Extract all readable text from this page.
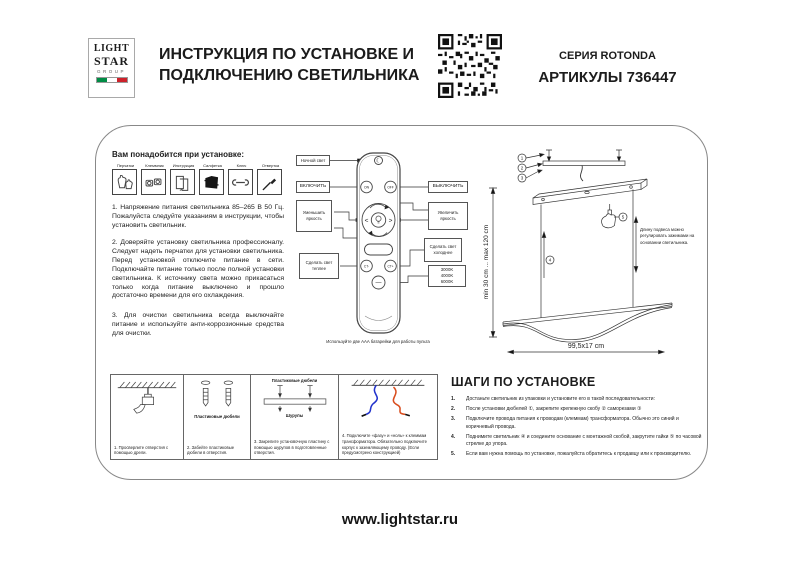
LIGHT
STAR
GROUP
ИНСТРУКЦИЯ ПО УСТАНОВКЕ И
ПОДКЛЮЧЕНИЮ СВЕТИЛЬНИКА
СЕРИЯ ROTONDA
АРТИКУЛЫ 736447
Вам понадобится при установке:
Перчатки	Клеммник	Инструкция	Салфетка	Ключ	Отвертка

1. Напряжение питания светильника 85–265 В 50 Гц. Пожалуйста следуйте указаниям в инструкции, чтобы установить светильник.

2. Доверяйте установку светильника профессионалу. Следует надеть перчатки для установки светильника. Перед установкой отключите питание в сети. Подключайте питание только после полной установки светильника. К источнику света можно прикасаться только когда питание выключено и прошло достаточно времени для его охлаждения.

3. Для очистки светильника всегда выключайте питание и используйте анти-коррозионные средства для очистки.

☾
ON	OFF
<	>
CT-	CT+
Ночной свет
ВКЛЮЧИТЬ
Уменьшить яркость
Сделать свет теплее
ВЫКЛЮЧИТЬ
Увеличить яркость
Сделать свет холоднее
3000K 4000K 6000K
Используйте две AAA батарейки для работы пульта
1
2
3
4
5
99,5x17 cm
min 30 cm ... max 120 cm	Длину подвеса можно регулировать зажимами на основании светильника.
1. Просверлите отверстия с помощью дрели.
Пластиковые дюбели
2. Забейте пластиковые дюбели в отверстия.
Пластиковые дюбели
Шурупы
3. Закрепите установочную пластину с помощью шурупов в подготовленные отверстия.
4. Подключите «фазу» и «ноль» к клеммам трансформатора. Обязательно подключите корпус к заземляющему проводу. (Если предусмотрено конструкцией)
ШАГИ ПО УСТАНОВКЕ
1.	Достаньте светильник из упаковки и установите его в такой последовательности:
2.	После установки дюбелей ①, закрепите крепежную скобу ② саморезами ③
3.	Подключите провода питания к проводам (клеммам) трансформатора. Обычно это синий и коричневый провода.
4.	Поднимите светильник ④ и соедините основание с монтажной скобой, закрутите гайки ⑤ по часовой стрелке до упора.
5.	Если вам нужна помощь по установке, пожалуйста обратитесь к продавцу или к производителю.
www.lightstar.ru
